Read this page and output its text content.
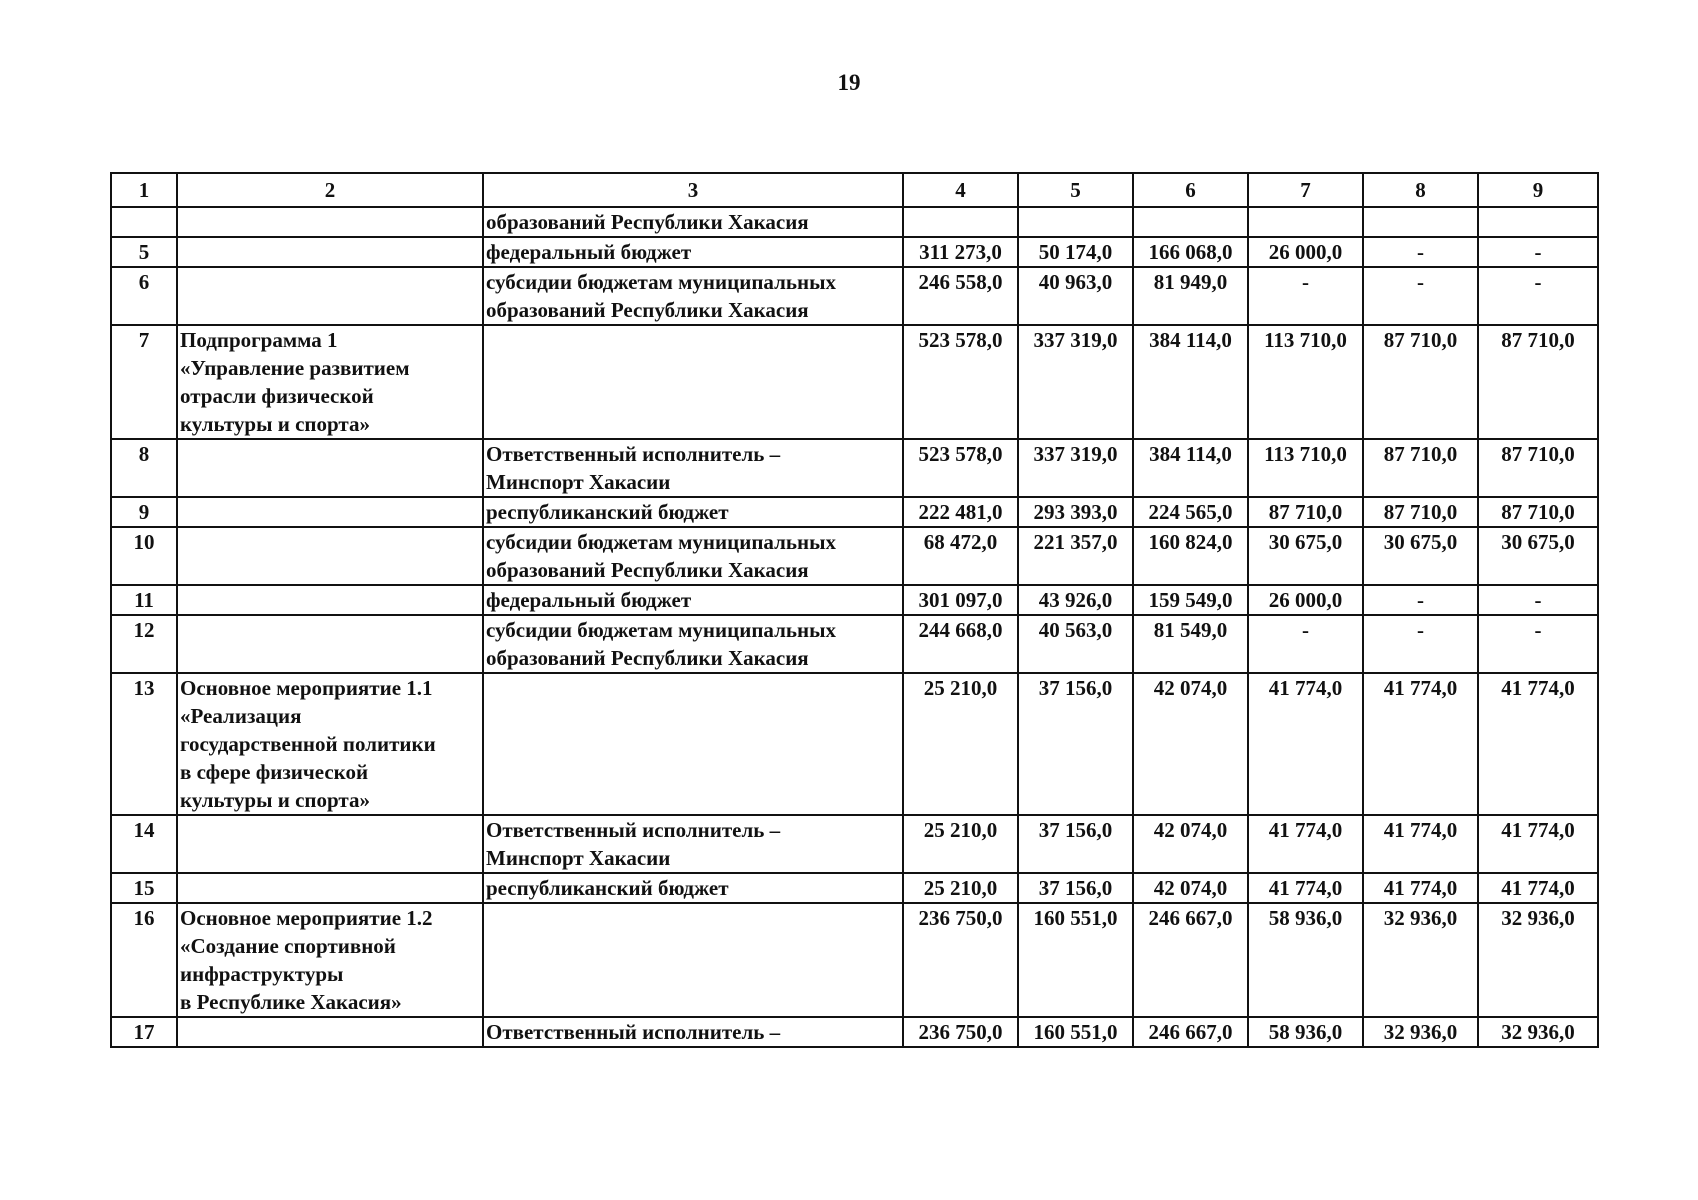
19
1	2	3	4	5	6	7	8	9
		образований Республики Хакасия						
5		федеральный бюджет	311 273,0	50 174,0	166 068,0	26 000,0	-	-
6		субсидии бюджетам муниципальных
образований Республики Хакасия	246 558,0	40 963,0	81 949,0	-	-	-
7	Подпрограмма 1
«Управление развитием
отрасли физической
культуры и спорта»		523 578,0	337 319,0	384 114,0	113 710,0	87 710,0	87 710,0
8		Ответственный исполнитель –
Минспорт Хакасии	523 578,0	337 319,0	384 114,0	113 710,0	87 710,0	87 710,0
9		республиканский бюджет	222 481,0	293 393,0	224 565,0	87 710,0	87 710,0	87 710,0
10		субсидии бюджетам муниципальных
образований Республики Хакасия	68 472,0	221 357,0	160 824,0	30 675,0	30 675,0	30 675,0
11		федеральный бюджет	301 097,0	43 926,0	159 549,0	26 000,0	-	-
12		субсидии бюджетам муниципальных
образований Республики Хакасия	244 668,0	40 563,0	81 549,0	-	-	-
13	Основное мероприятие 1.1
«Реализация
государственной политики
в сфере физической
культуры и спорта»		25 210,0	37 156,0	42 074,0	41 774,0	41 774,0	41 774,0
14		Ответственный исполнитель –
Минспорт Хакасии	25 210,0	37 156,0	42 074,0	41 774,0	41 774,0	41 774,0
15		республиканский бюджет	25 210,0	37 156,0	42 074,0	41 774,0	41 774,0	41 774,0
16	Основное мероприятие 1.2
«Создание спортивной
инфраструктуры
в Республике Хакасия»		236 750,0	160 551,0	246 667,0	58 936,0	32 936,0	32 936,0
17		Ответственный исполнитель –	236 750,0	160 551,0	246 667,0	58 936,0	32 936,0	32 936,0
